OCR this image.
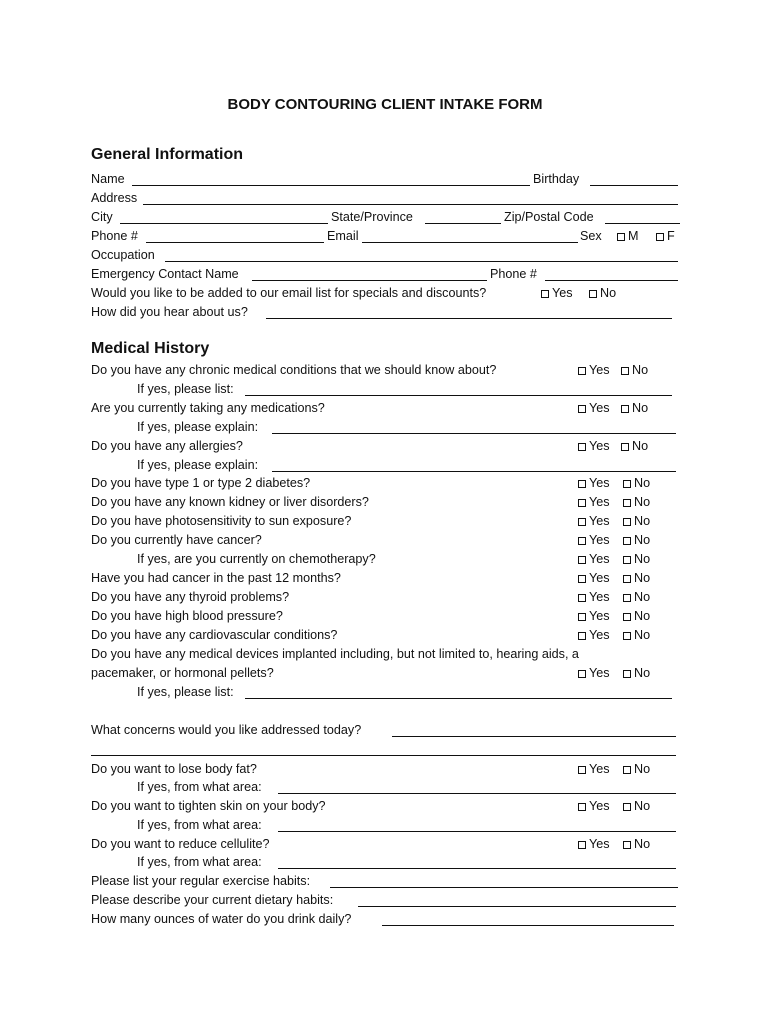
BODY CONTOURING CLIENT INTAKE FORM
General Information
Name	Birthday
Address
City	State/Province	Zip/Postal Code
Phone #	Email	Sex	M	F
Occupation
Emergency Contact Name	Phone #
Would you like to be added to our email list for specials and discounts?	Yes	No
How did you hear about us?
Medical History
Do you have any chronic medical conditions that we should know about?	Yes	No
If yes, please list:
Are you currently taking any medications?	Yes	No
If yes, please explain:
Do you have any allergies?	Yes	No
If yes, please explain:
Do you have type 1 or type 2 diabetes?	Yes	No
Do you have any known kidney or liver disorders?	Yes	No
Do you have photosensitivity to sun exposure?	Yes	No
Do you currently have cancer?	Yes	No
If yes, are you currently on chemotherapy?	Yes	No
Have you had cancer in the past 12 months?	Yes	No
Do you have any thyroid problems?	Yes	No
Do you have high blood pressure?	Yes	No
Do you have any cardiovascular conditions?	Yes	No
Do you have any medical devices implanted including, but not limited to, hearing aids, a
pacemaker, or hormonal pellets?	Yes	No
If yes, please list:
What concerns would you like addressed today?
Do you want to lose body fat?	Yes	No
If yes, from what area:
Do you want to tighten skin on your body?	Yes	No
If yes, from what area:
Do you want to reduce cellulite?	Yes	No
If yes, from what area:
Please list your regular exercise habits:
Please describe your current dietary habits:
How many ounces of water do you drink daily?
